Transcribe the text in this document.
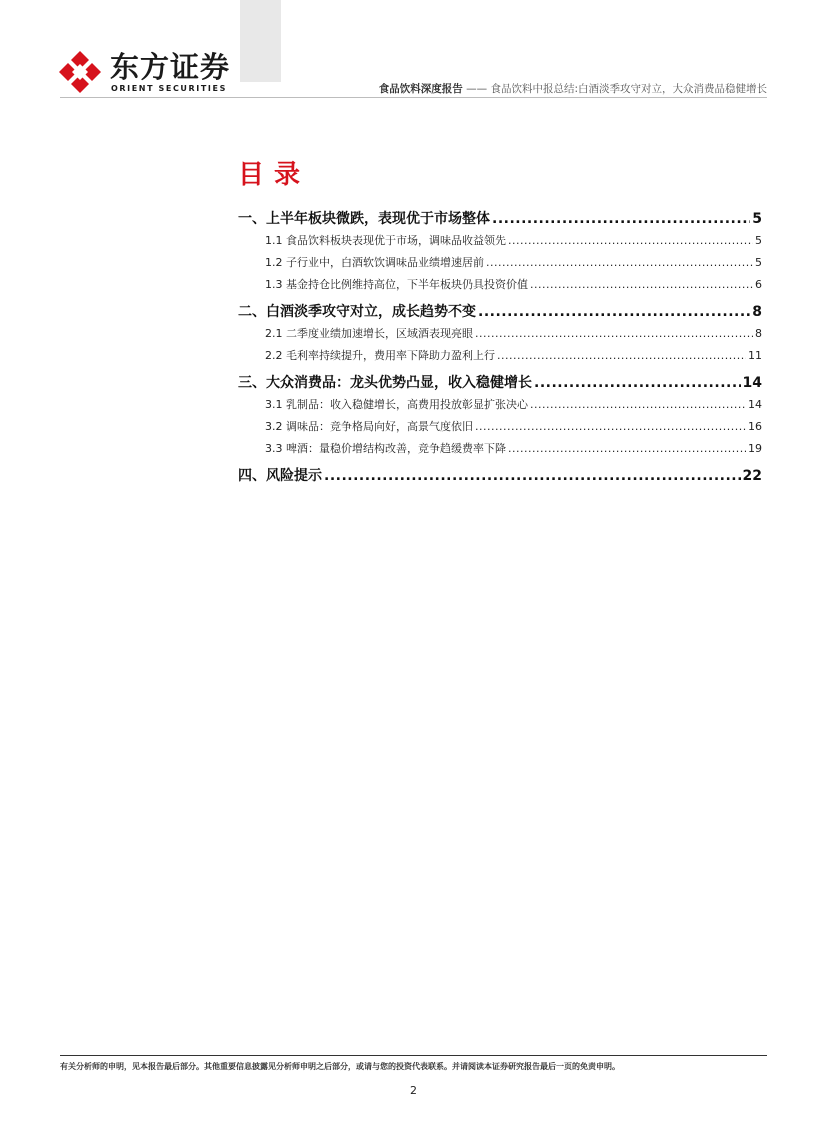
东方证券
ORIENT SECURITIES	食品饮料深度报告 —— 食品饮料中报总结:白酒淡季攻守对立，大众消费品稳健增长
目录
一、上半年板块微跌，表现优于市场整体 .....	5
1.1 食品饮料板块表现优于市场，调味品收益领先 .....	5
1.2 子行业中，白酒软饮调味品业绩增速居前 .....	5
1.3 基金持仓比例维持高位，下半年板块仍具投资价值 .....	6
二、白酒淡季攻守对立，成长趋势不变 .....	8
2.1 二季度业绩加速增长，区域酒表现亮眼 .....	8
2.2 毛利率持续提升，费用率下降助力盈利上行 .....	11
三、大众消费品：龙头优势凸显，收入稳健增长 .....	14
3.1 乳制品：收入稳健增长，高费用投放彰显扩张决心 .....	14
3.2 调味品：竞争格局向好，高景气度依旧 .....	16
3.3 啤酒：量稳价增结构改善，竞争趋缓费率下降 .....	19
四、风险提示 .....	22
有关分析师的申明，见本报告最后部分。其他重要信息披露见分析师申明之后部分，或请与您的投资代表联系。并请阅读本证券研究报告最后一页的免责申明。
2
